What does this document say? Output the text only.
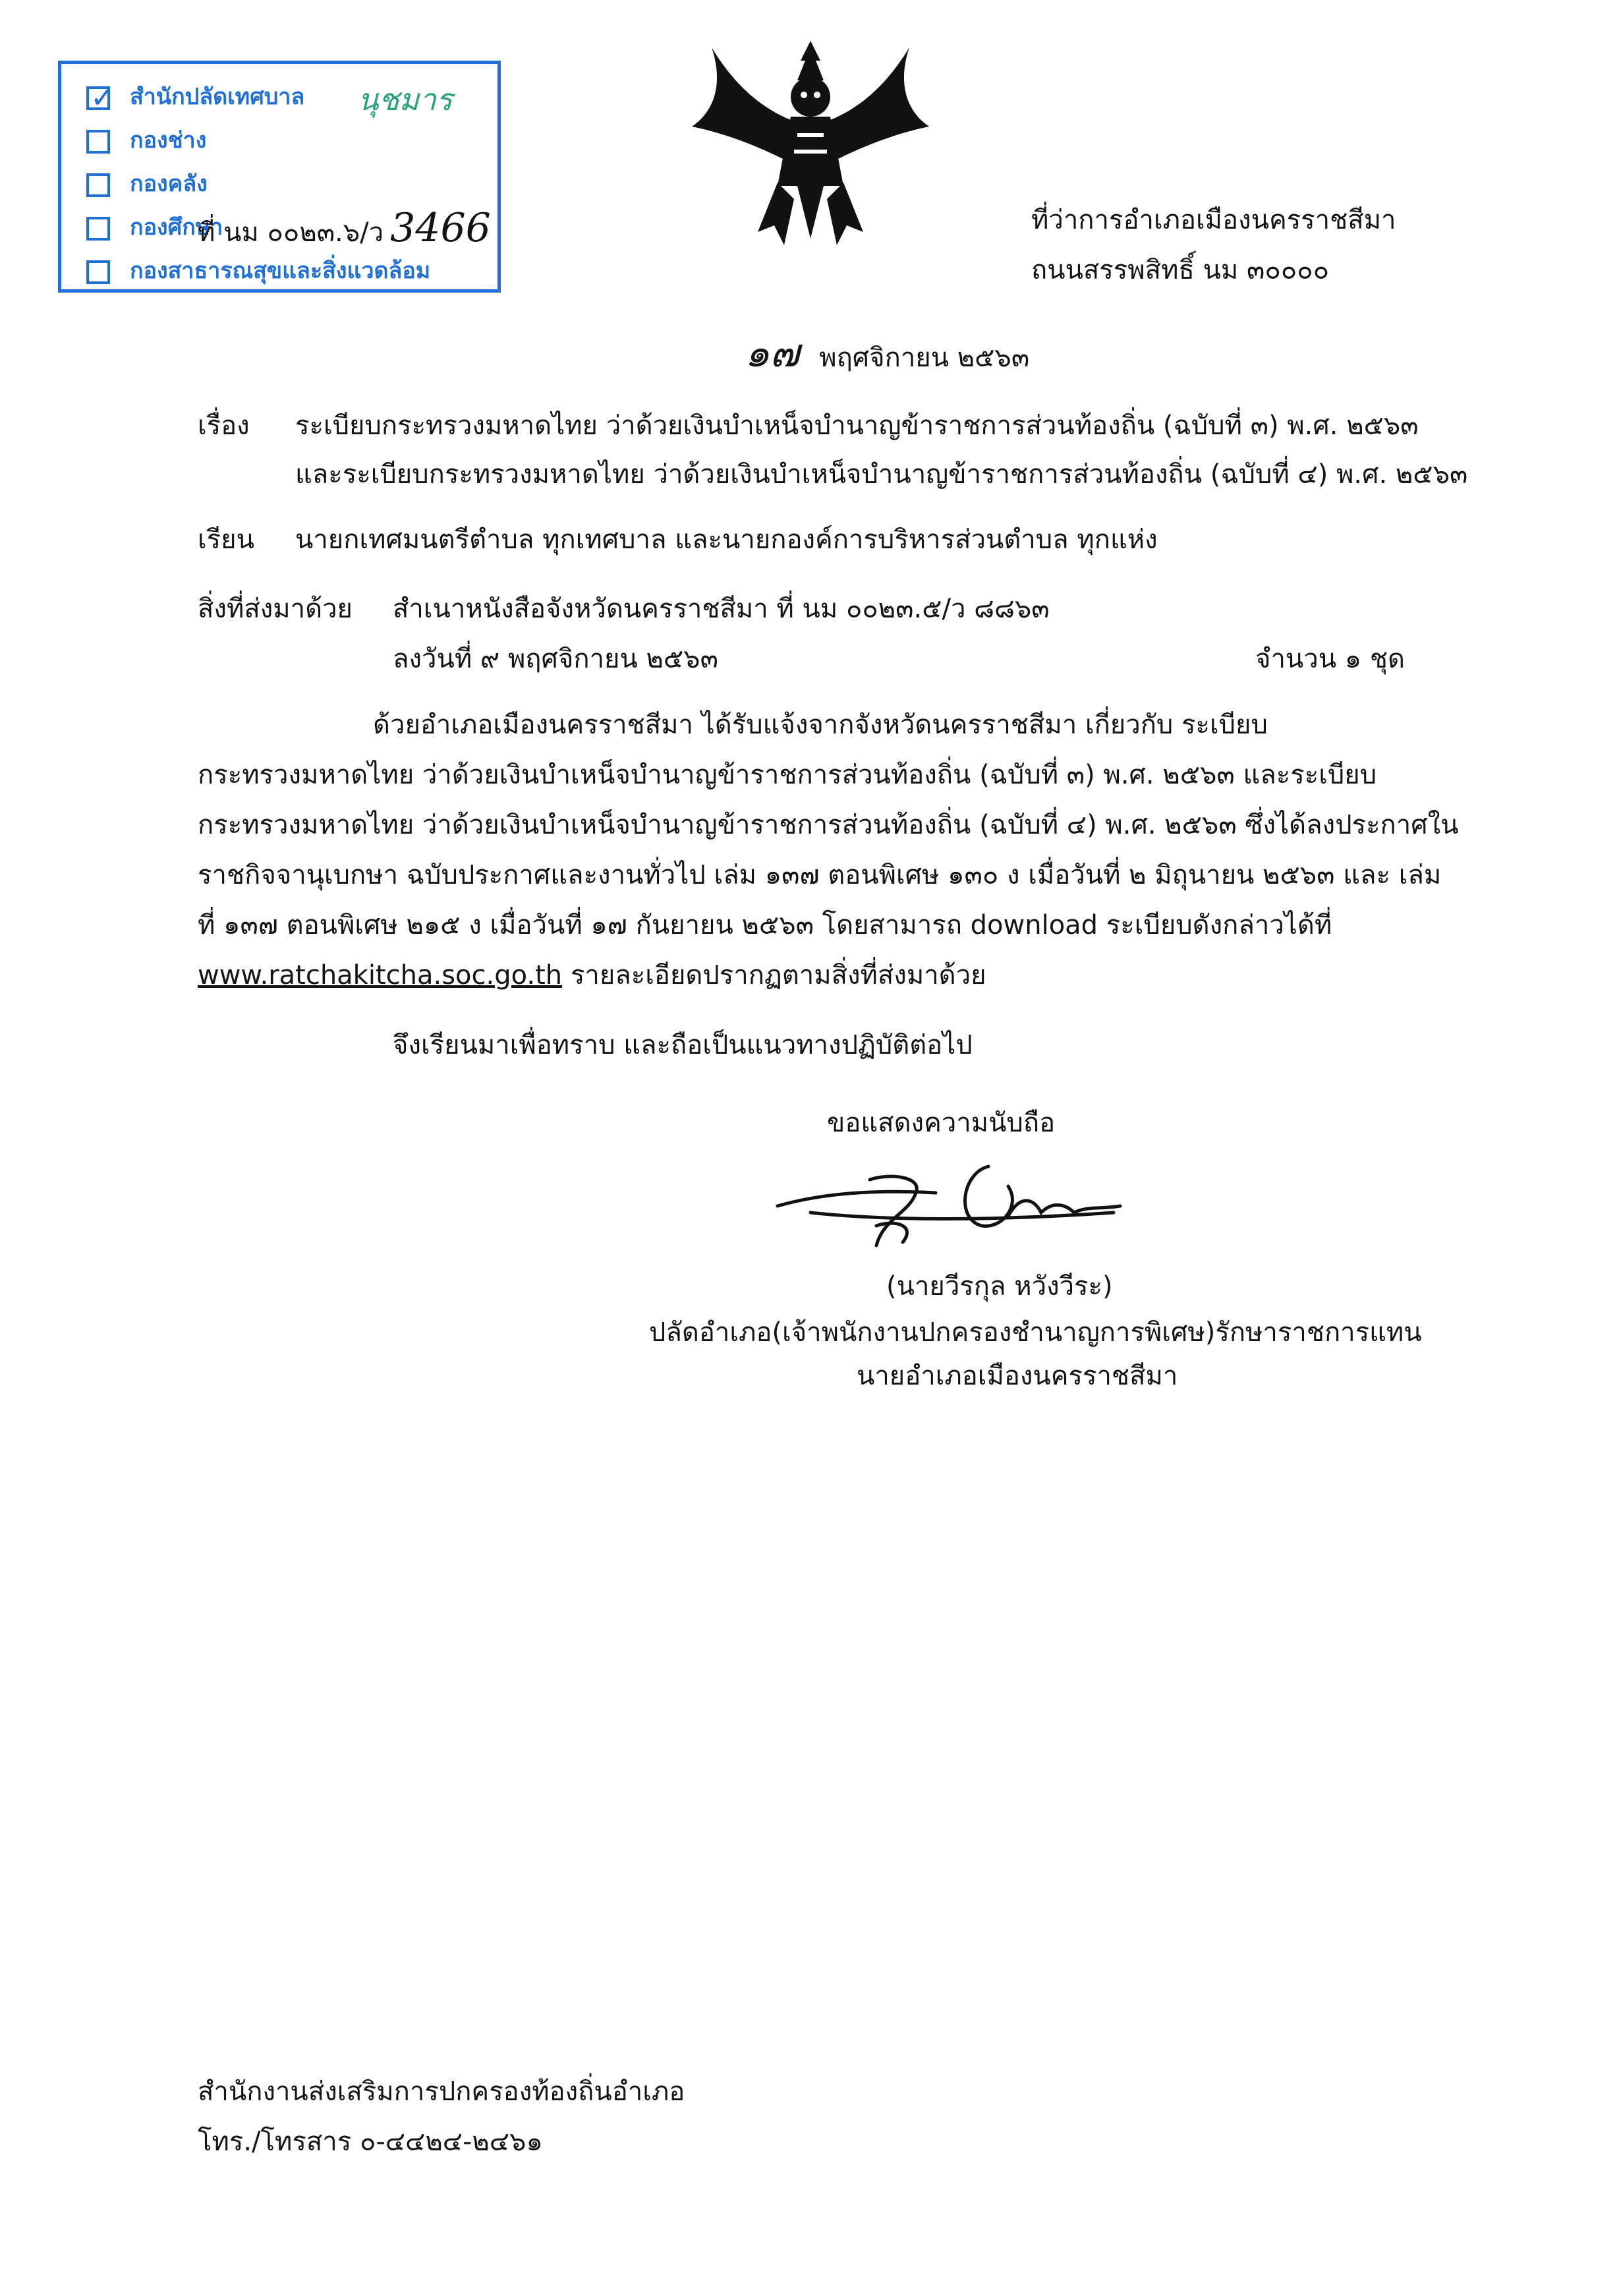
✓ สำนักปลัดเทศบาล
กองช่าง
กองคลัง
กองศึกษา
กองสาธารณสุขและสิ่งแวดล้อม
นุชมาร
ที่ นม ๐๐๒๓.๖/ว 3466	ที่ว่าการอำเภอเมืองนครราชสีมา
ถนนสรรพสิทธิ์ นม ๓๐๐๐๐
๑๗ พฤศจิกายน ๒๕๖๓
เรื่อง ระเบียบกระทรวงมหาดไทย ว่าด้วยเงินบำเหน็จบำนาญข้าราชการส่วนท้องถิ่น (ฉบับที่ ๓) พ.ศ. ๒๕๖๓
และระเบียบกระทรวงมหาดไทย ว่าด้วยเงินบำเหน็จบำนาญข้าราชการส่วนท้องถิ่น (ฉบับที่ ๔) พ.ศ. ๒๕๖๓
เรียน นายกเทศมนตรีตำบล ทุกเทศบาล และนายกองค์การบริหารส่วนตำบล ทุกแห่ง
สิ่งที่ส่งมาด้วย สำเนาหนังสือจังหวัดนครราชสีมา ที่ นม ๐๐๒๓.๕/ว ๘๘๖๓
ลงวันที่ ๙ พฤศจิกายน ๒๕๖๓	จำนวน ๑ ชุด
ด้วยอำเภอเมืองนครราชสีมา ได้รับแจ้งจากจังหวัดนครราชสีมา เกี่ยวกับ ระเบียบ
กระทรวงมหาดไทย ว่าด้วยเงินบำเหน็จบำนาญข้าราชการส่วนท้องถิ่น (ฉบับที่ ๓) พ.ศ. ๒๕๖๓ และระเบียบ
กระทรวงมหาดไทย ว่าด้วยเงินบำเหน็จบำนาญข้าราชการส่วนท้องถิ่น (ฉบับที่ ๔) พ.ศ. ๒๕๖๓ ซึ่งได้ลงประกาศใน
ราชกิจจานุเบกษา ฉบับประกาศและงานทั่วไป เล่ม ๑๓๗ ตอนพิเศษ ๑๓๐ ง เมื่อวันที่ ๒ มิถุนายน ๒๕๖๓ และ เล่ม
ที่ ๑๓๗ ตอนพิเศษ ๒๑๕ ง เมื่อวันที่ ๑๗ กันยายน ๒๕๖๓ โดยสามารถ download ระเบียบดังกล่าวได้ที่
www.ratchakitcha.soc.go.th รายละเอียดปรากฏตามสิ่งที่ส่งมาด้วย
จึงเรียนมาเพื่อทราบ และถือเป็นแนวทางปฏิบัติต่อไป
ขอแสดงความนับถือ
(นายวีรกุล หวังวีระ)
ปลัดอำเภอ(เจ้าพนักงานปกครองชำนาญการพิเศษ)รักษาราชการแทน
นายอำเภอเมืองนครราชสีมา
สำนักงานส่งเสริมการปกครองท้องถิ่นอำเภอ
โทร./โทรสาร ๐-๔๔๒๔-๒๔๖๑
